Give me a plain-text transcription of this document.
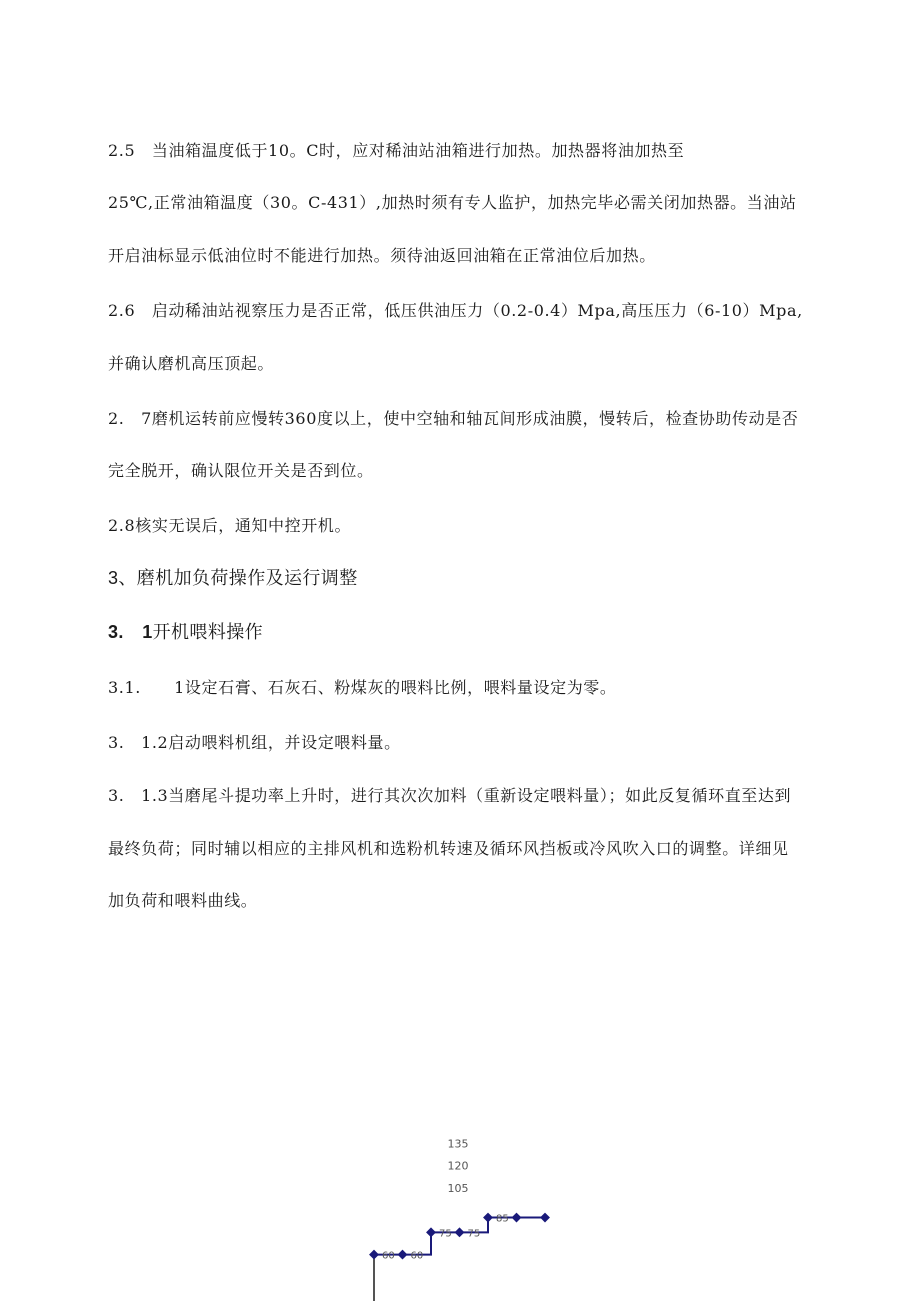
2.5　当油箱温度低于10。C时，应对稀油站油箱进行加热。加热器将油加热至
25℃,正常油箱温度（30。C-431）,加热时须有专人监护，加热完毕必需关闭加热器。当油站
开启油标显示低油位时不能进行加热。须待油返回油箱在正常油位后加热。
2.6　启动稀油站视察压力是否正常，低压供油压力（0.2-0.4）Mpa,高压压力（6-10）Mpa,
并确认磨机高压顶起。
2.　7磨机运转前应慢转360度以上，使中空轴和轴瓦间形成油膜，慢转后，检查协助传动是否
完全脱开，确认限位开关是否到位。
2.8核实无误后，通知中控开机。
3、磨机加负荷操作及运行调整
3.　1开机喂料操作
3.1.　　1设定石膏、石灰石、粉煤灰的喂料比例，喂料量设定为零。
3.　1.2启动喂料机组，并设定喂料量。
3.　1.3当磨尾斗提功率上升时，进行其次次加料（重新设定喂料量）；如此反复循环直至达到
最终负荷；同时辅以相应的主排风机和选粉机转速及循环风挡板或冷风吹入口的调整。详细见
加负荷和喂料曲线。
135
120
105
60 60
75 75
85
